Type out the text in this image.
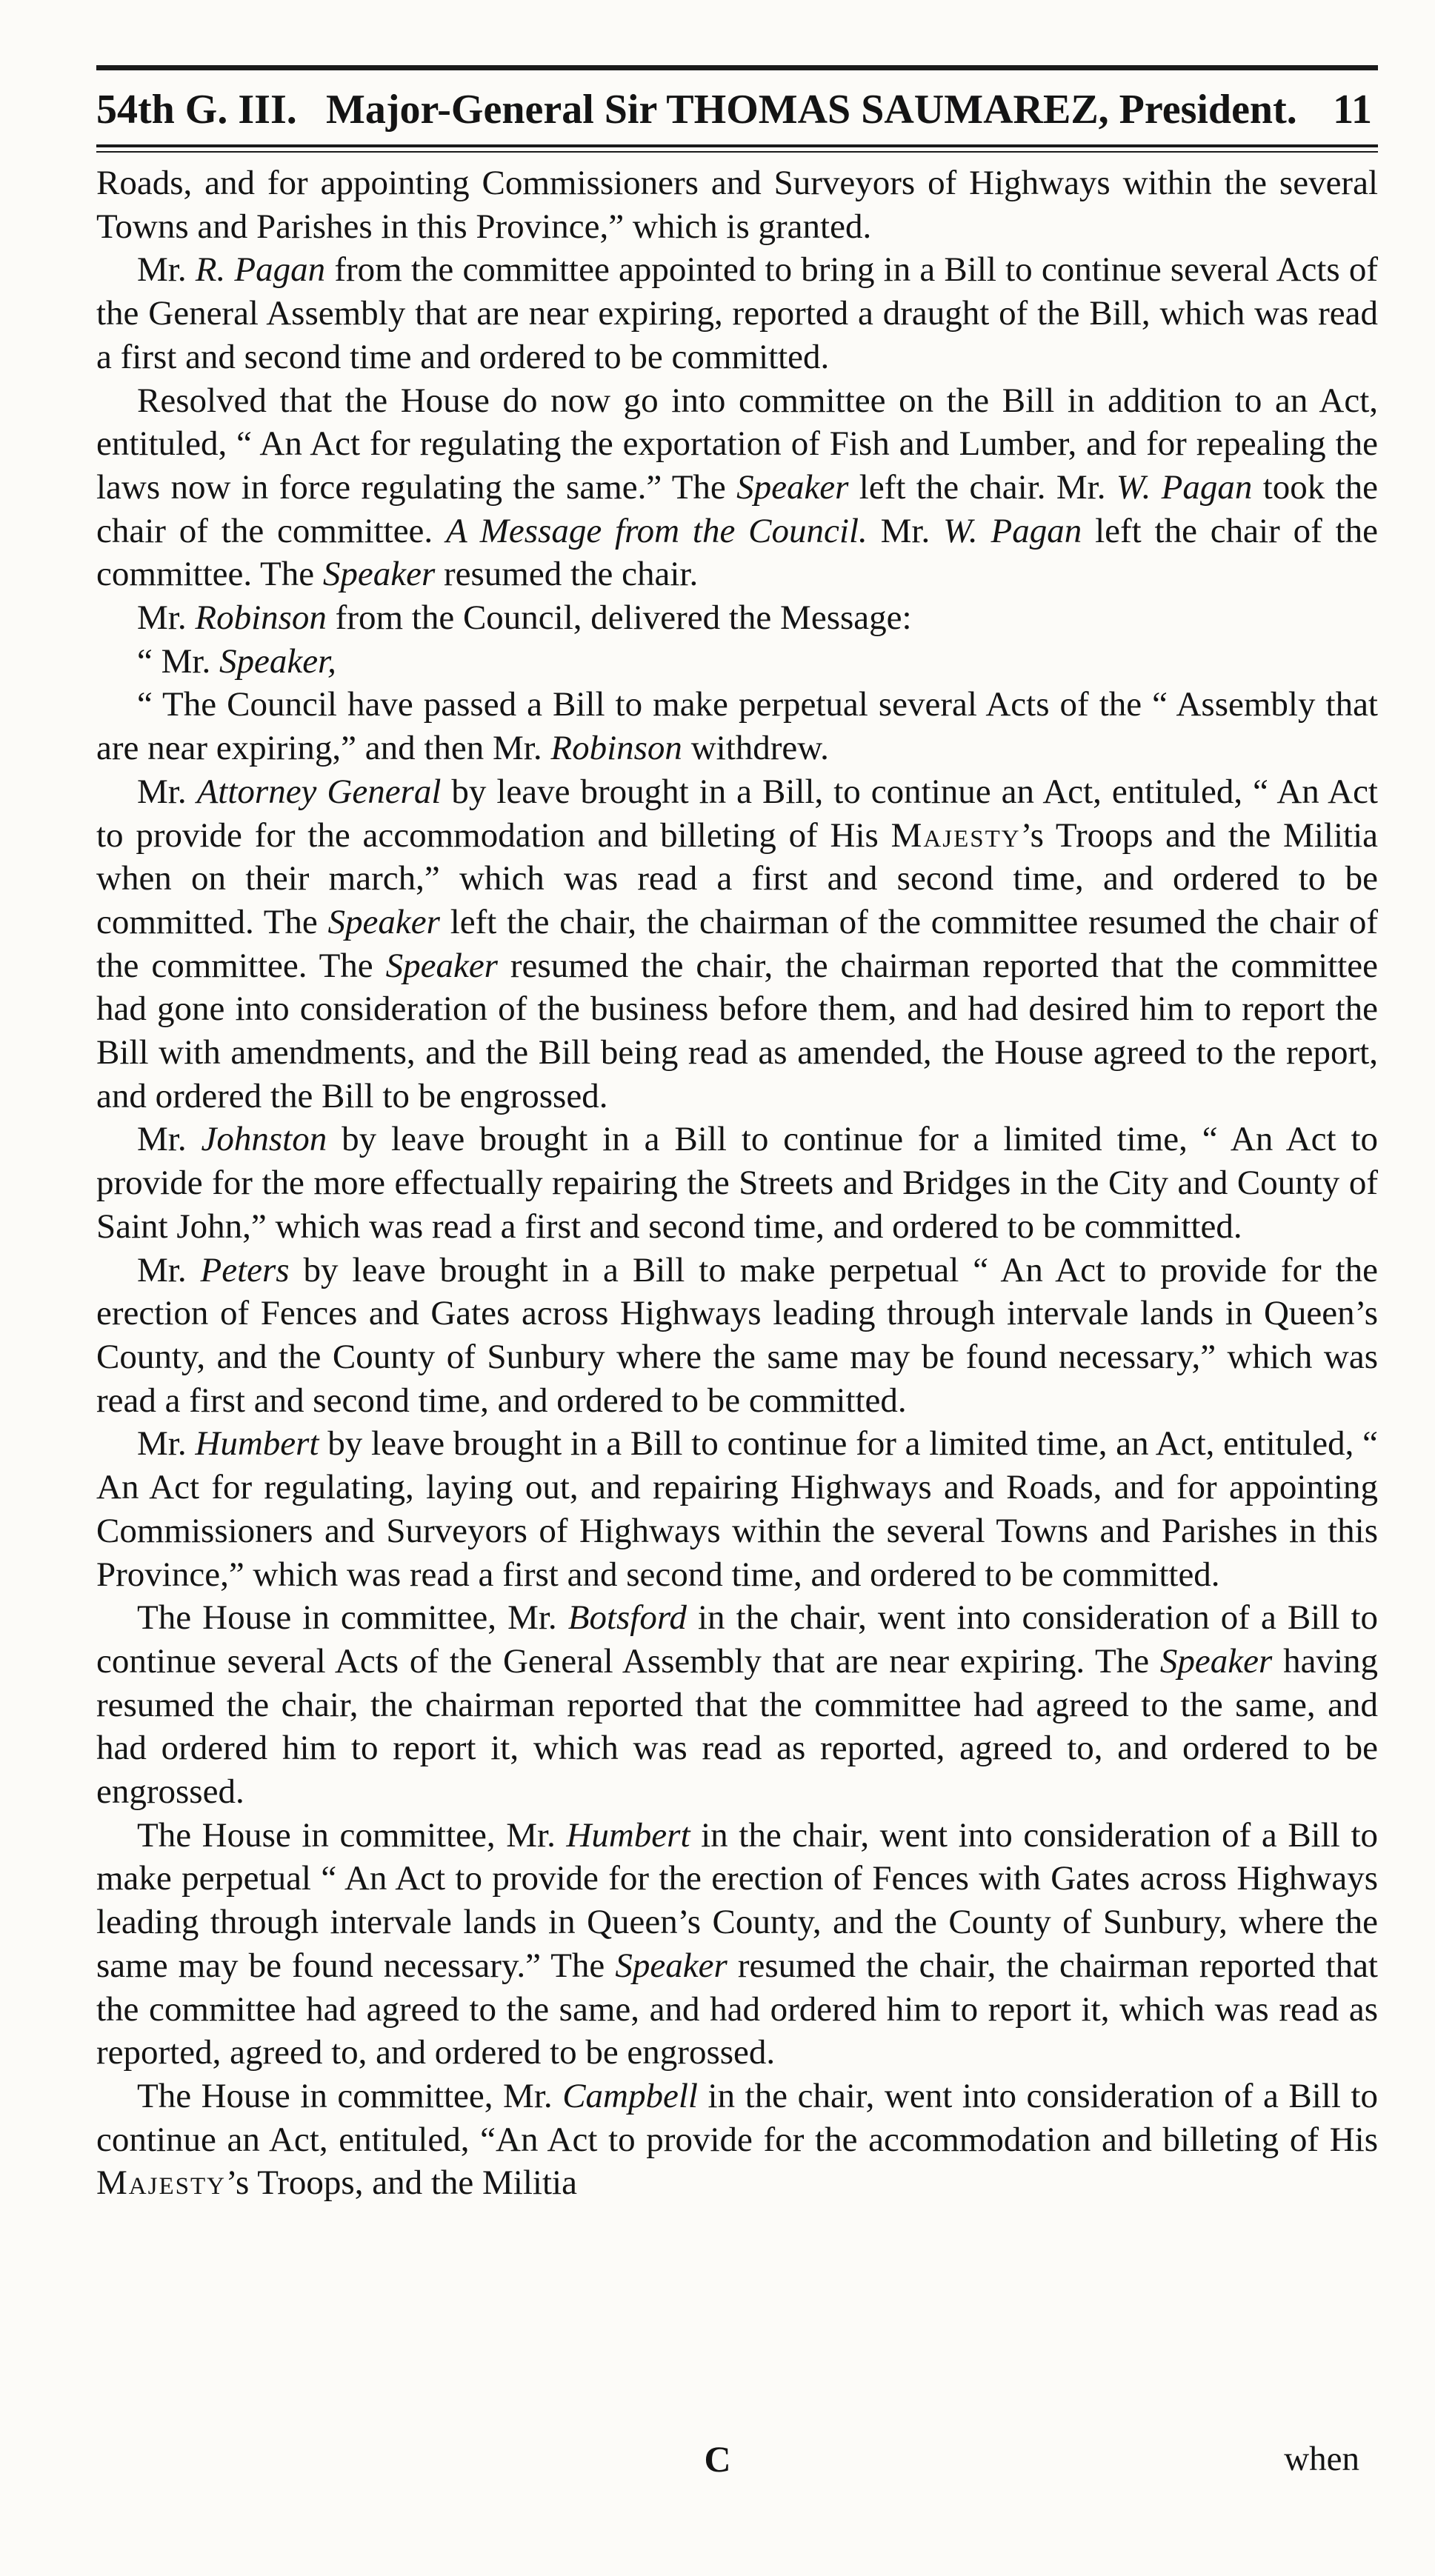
54th G. III. Major-General Sir THOMAS SAUMAREZ, President. 11

Roads, and for appointing Commissioners and Surveyors of Highways within the several Towns and Parishes in this Province,” which is granted.

Mr. R. Pagan from the committee appointed to bring in a Bill to continue several Acts of the General Assembly that are near expiring, reported a draught of the Bill, which was read a first and second time and ordered to be committed.

Resolved that the House do now go into committee on the Bill in addition to an Act, entituled, “ An Act for regulating the exportation of Fish and Lumber, and for repealing the laws now in force regulating the same.” The Speaker left the chair. Mr. W. Pagan took the chair of the committee. A Message from the Council. Mr. W. Pagan left the chair of the committee. The Speaker resumed the chair.

Mr. Robinson from the Council, delivered the Message:

“ Mr. Speaker,

“ The Council have passed a Bill to make perpetual several Acts of the “ Assembly that are near expiring,” and then Mr. Robinson withdrew.

Mr. Attorney General by leave brought in a Bill, to continue an Act, entituled, “ An Act to provide for the accommodation and billeting of His Majesty’s Troops and the Militia when on their march,” which was read a first and second time, and ordered to be committed. The Speaker left the chair, the chairman of the committee resumed the chair of the committee. The Speaker resumed the chair, the chairman reported that the committee had gone into consideration of the business before them, and had desired him to report the Bill with amendments, and the Bill being read as amended, the House agreed to the report, and ordered the Bill to be engrossed.

Mr. Johnston by leave brought in a Bill to continue for a limited time, “ An Act to provide for the more effectually repairing the Streets and Bridges in the City and County of Saint John,” which was read a first and second time, and ordered to be committed.

Mr. Peters by leave brought in a Bill to make perpetual “ An Act to provide for the erection of Fences and Gates across Highways leading through intervale lands in Queen’s County, and the County of Sunbury where the same may be found necessary,” which was read a first and second time, and ordered to be committed.

Mr. Humbert by leave brought in a Bill to continue for a limited time, an Act, entituled, “ An Act for regulating, laying out, and repairing Highways and Roads, and for appointing Commissioners and Surveyors of Highways within the several Towns and Parishes in this Province,” which was read a first and second time, and ordered to be committed.

The House in committee, Mr. Botsford in the chair, went into consideration of a Bill to continue several Acts of the General Assembly that are near expiring. The Speaker having resumed the chair, the chairman reported that the committee had agreed to the same, and had ordered him to report it, which was read as reported, agreed to, and ordered to be engrossed.

The House in committee, Mr. Humbert in the chair, went into consideration of a Bill to make perpetual “ An Act to provide for the erection of Fences with Gates across Highways leading through intervale lands in Queen’s County, and the County of Sunbury, where the same may be found necessary.” The Speaker resumed the chair, the chairman reported that the committee had agreed to the same, and had ordered him to report it, which was read as reported, agreed to, and ordered to be engrossed.

The House in committee, Mr. Campbell in the chair, went into consideration of a Bill to continue an Act, entituled, “An Act to provide for the accommodation and billeting of His Majesty’s Troops, and the Militia

C	when
